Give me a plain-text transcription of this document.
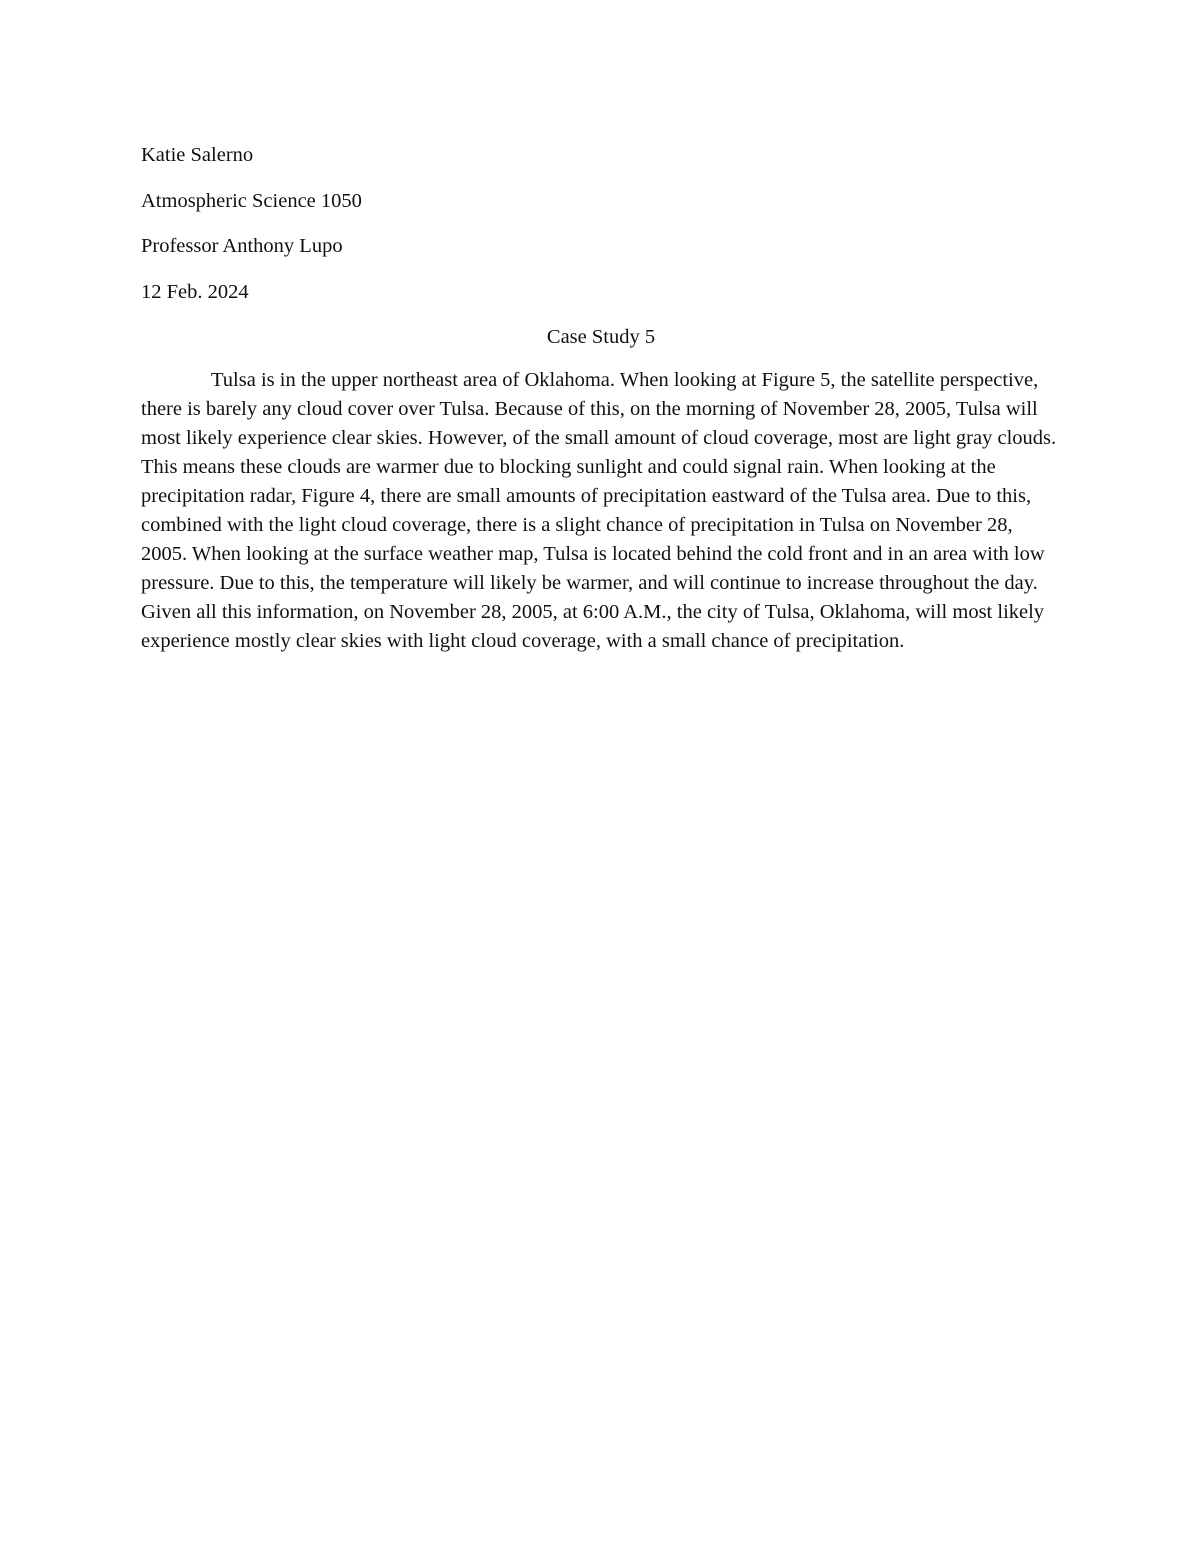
Katie Salerno
Atmospheric Science 1050
Professor Anthony Lupo
12 Feb. 2024
Case Study 5

Tulsa is in the upper northeast area of Oklahoma. When looking at Figure 5, the satellite perspective, there is barely any cloud cover over Tulsa. Because of this, on the morning of November 28, 2005, Tulsa will most likely experience clear skies. However, of the small amount of cloud coverage, most are light gray clouds. This means these clouds are warmer due to blocking sunlight and could signal rain. When looking at the precipitation radar, Figure 4, there are small amounts of precipitation eastward of the Tulsa area. Due to this, combined with the light cloud coverage, there is a slight chance of precipitation in Tulsa on November 28, 2005. When looking at the surface weather map, Tulsa is located behind the cold front and in an area with low pressure. Due to this, the temperature will likely be warmer, and will continue to increase throughout the day. Given all this information, on November 28, 2005, at 6:00 A.M., the city of Tulsa, Oklahoma, will most likely experience mostly clear skies with light cloud coverage, with a small chance of precipitation.
